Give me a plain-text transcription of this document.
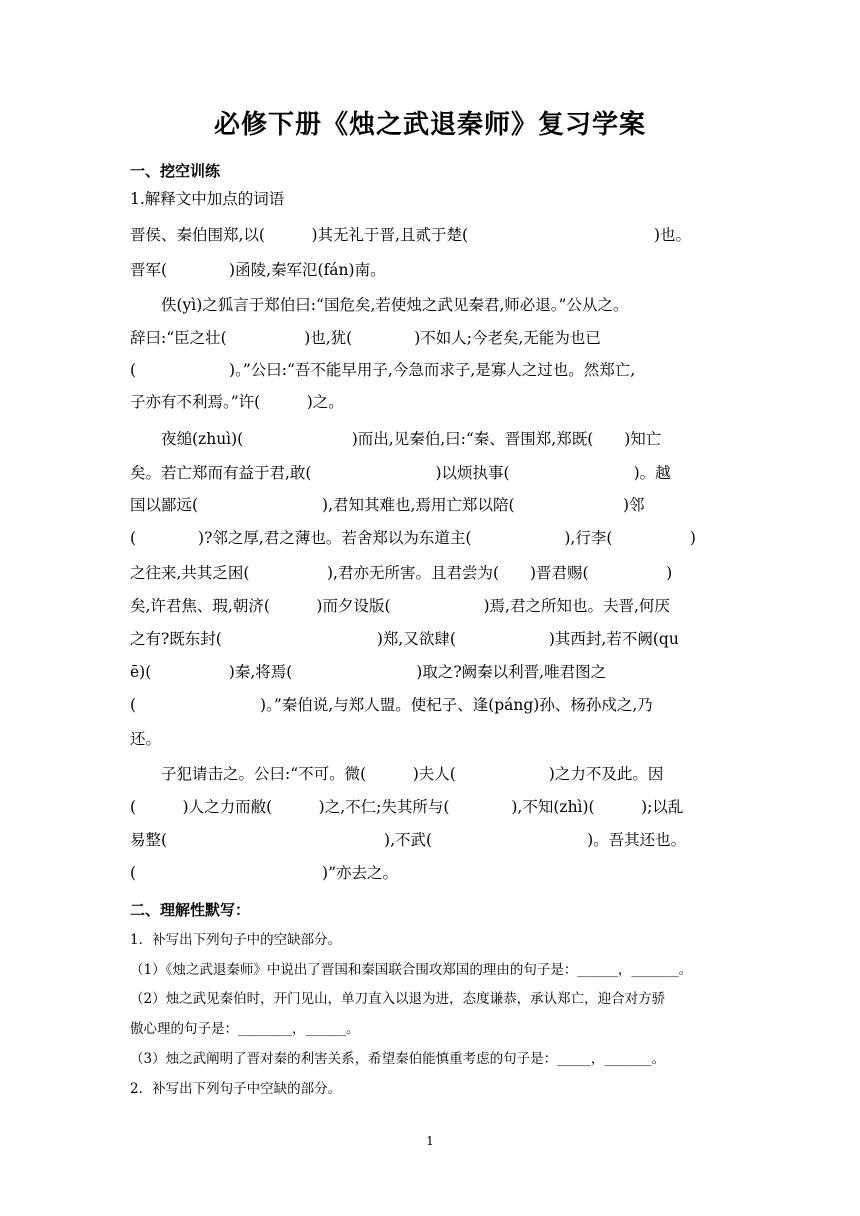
必修下册《烛之武退秦师》复习学案
一、挖空训练
1.解释文中加点的词语
晋侯、秦伯围郑,以(　　　)其无礼于晋,且贰于楚(　　　　　　　　　　　　)也。
晋军(　　　　)函陵,秦军氾(fán)南。
　　佚(yì)之狐言于郑伯曰:“国危矣,若使烛之武见秦君,师必退。”公从之。
辞曰:“臣之壮(　　　　　)也,犹(　　　　)不如人;今老矣,无能为也已
(　　　　　　)。”公曰:“吾不能早用子,今急而求子,是寡人之过也。然郑亡,
子亦有不利焉。”许(　　　)之。
　　夜缒(zhuì)(　　　　　　　)而出,见秦伯,曰:“秦、晋围郑,郑既(　　)知亡
矣。若亡郑而有益于君,敢(　　　　　　　　)以烦执事(　　　　　　　　)。越
国以鄙远(　　　　　　　　),君知其难也,焉用亡郑以陪(　　　　　　　)邻
(　　　　)?邻之厚,君之薄也。若舍郑以为东道主(　　　　　　),行李(　　　　　)
之往来,共其乏困(　　　　　),君亦无所害。且君尝为(　　)晋君赐(　　　　　)
矣,许君焦、瑕,朝济(　　　)而夕设版(　　　　　　)焉,君之所知也。夫晋,何厌
之有?既东封(　　　　　　　　　　)郑,又欲肆(　　　　　　)其西封,若不阙(qu
ē)(　　　　　)秦,将焉(　　　　　　　　)取之?阙秦以利晋,唯君图之
(　　　　　　　　)。”秦伯说,与郑人盟。使杞子、逢(páng)孙、杨孙戍之,乃
还。
　　子犯请击之。公曰:“不可。微(　　　)夫人(　　　　　　)之力不及此。因
(　　　)人之力而敝(　　　)之,不仁;失其所与(　　　　),不知(zhì)(　　　);以乱
易整(　　　　　　　　　　　　　　),不武(　　　　　　　　　　)。吾其还也。
(　　　　　　　　　　　　)”亦去之。
二、理解性默写：
1．补写出下列句子中的空缺部分。
（1）《烛之武退秦师》中说出了晋国和秦国联合围攻郑国的理由的句子是：______，_______。
（2）烛之武见秦伯时，开门见山，单刀直入以退为进，态度谦恭，承认郑亡，迎合对方骄
傲心理的句子是：________，______。
（3）烛之武阐明了晋对秦的利害关系，希望秦伯能慎重考虑的句子是：_____，_______。
2．补写出下列句子中空缺的部分。
1
